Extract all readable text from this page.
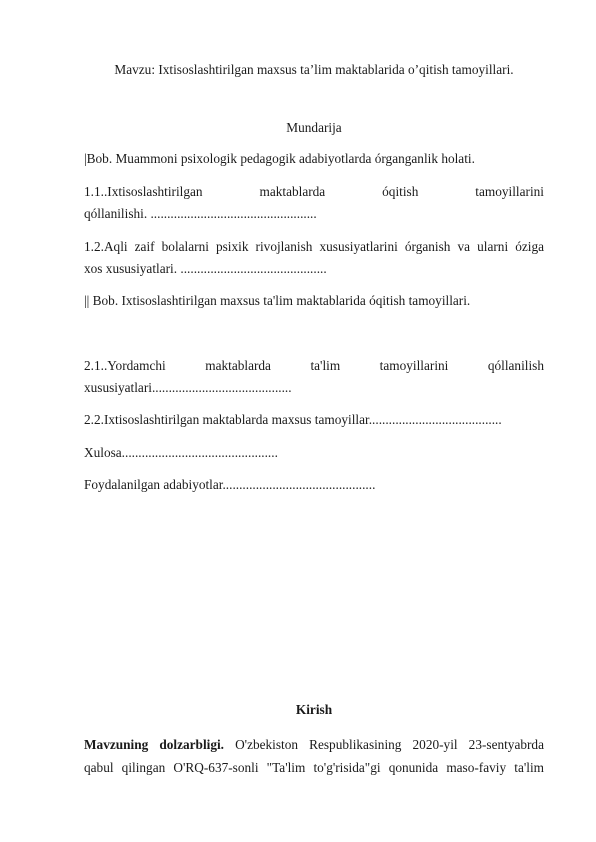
Mavzu: Ixtisoslashtirilgan maxsus ta’lim maktablarida o’qitish tamoyillari.
Mundarija
|Bob. Muammoni psixologik pedagogik adabiyotlarda órganganlik holati.
1.1..Ixtisoslashtirilgan maktablarda óqitish tamoyillarini
qóllanilishi. ..................................................
1.2.Aqli zaif bolalarni psixik rivojlanish xususiyatlarini órganish va ularni óziga
xos xususiyatlari. ............................................
|| Bob. Ixtisoslashtirilgan maxsus ta'lim maktablarida óqitish tamoyillari.
2.1..Yordamchi maktablarda ta'lim tamoyillarini qóllanilish
xususiyatlari..........................................
2.2.Ixtisoslashtirilgan maktablarda maxsus tamoyillar........................................
Xulosa...............................................
Foydalanilgan adabiyotlar..............................................
Kirish
Mavzuning dolzarbligi. O'zbekiston Respublikasining 2020-yil 23-sentyabrda
qabul qilingan O'RQ-637-sonli "Ta'lim to'g'risida"gi qonunida maso-faviy ta'lim
